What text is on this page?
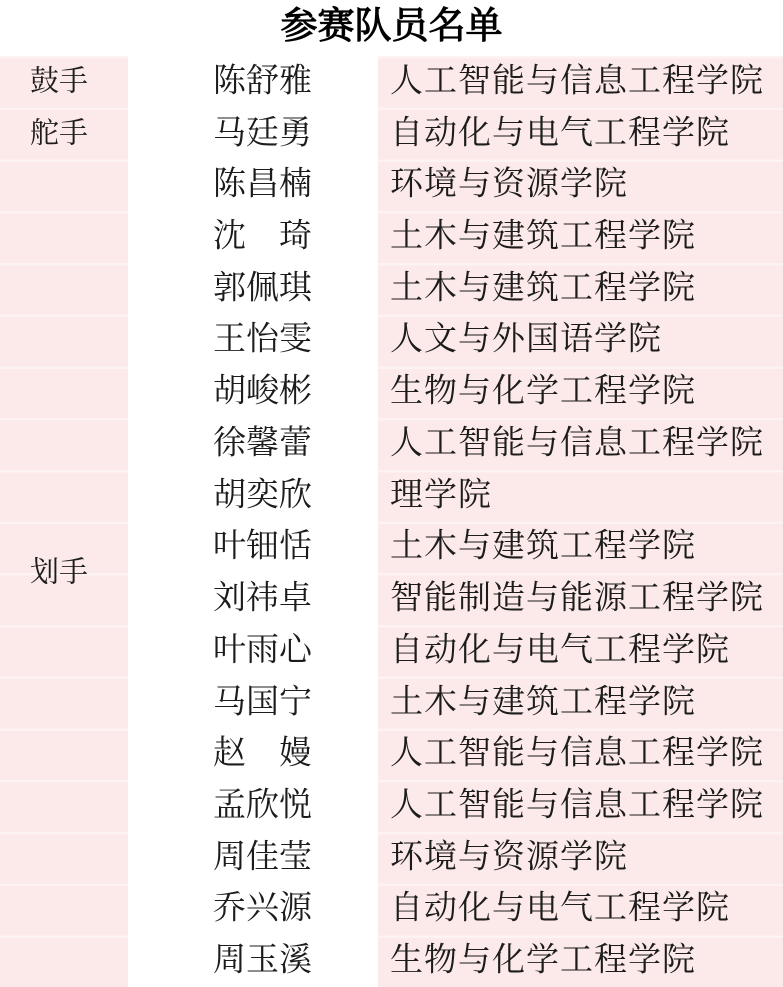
参赛队员名单
陈舒雅 人工智能与信息工程学院
马廷勇 自动化与电气工程学院
陈昌楠 环境与资源学院
沈　琦 土木与建筑工程学院
郭佩琪 土木与建筑工程学院
王怡雯 人文与外国语学院
胡峻彬 生物与化学工程学院
徐馨蕾 人工智能与信息工程学院
胡奕欣 理学院
叶钿恬 土木与建筑工程学院
刘祎卓 智能制造与能源工程学院
叶雨心 自动化与电气工程学院
马国宁 土木与建筑工程学院
赵　嫚 人工智能与信息工程学院
孟欣悦 人工智能与信息工程学院
周佳莹 环境与资源学院
乔兴源 自动化与电气工程学院
周玉溪 生物与化学工程学院
鼓手
舵手
划手
